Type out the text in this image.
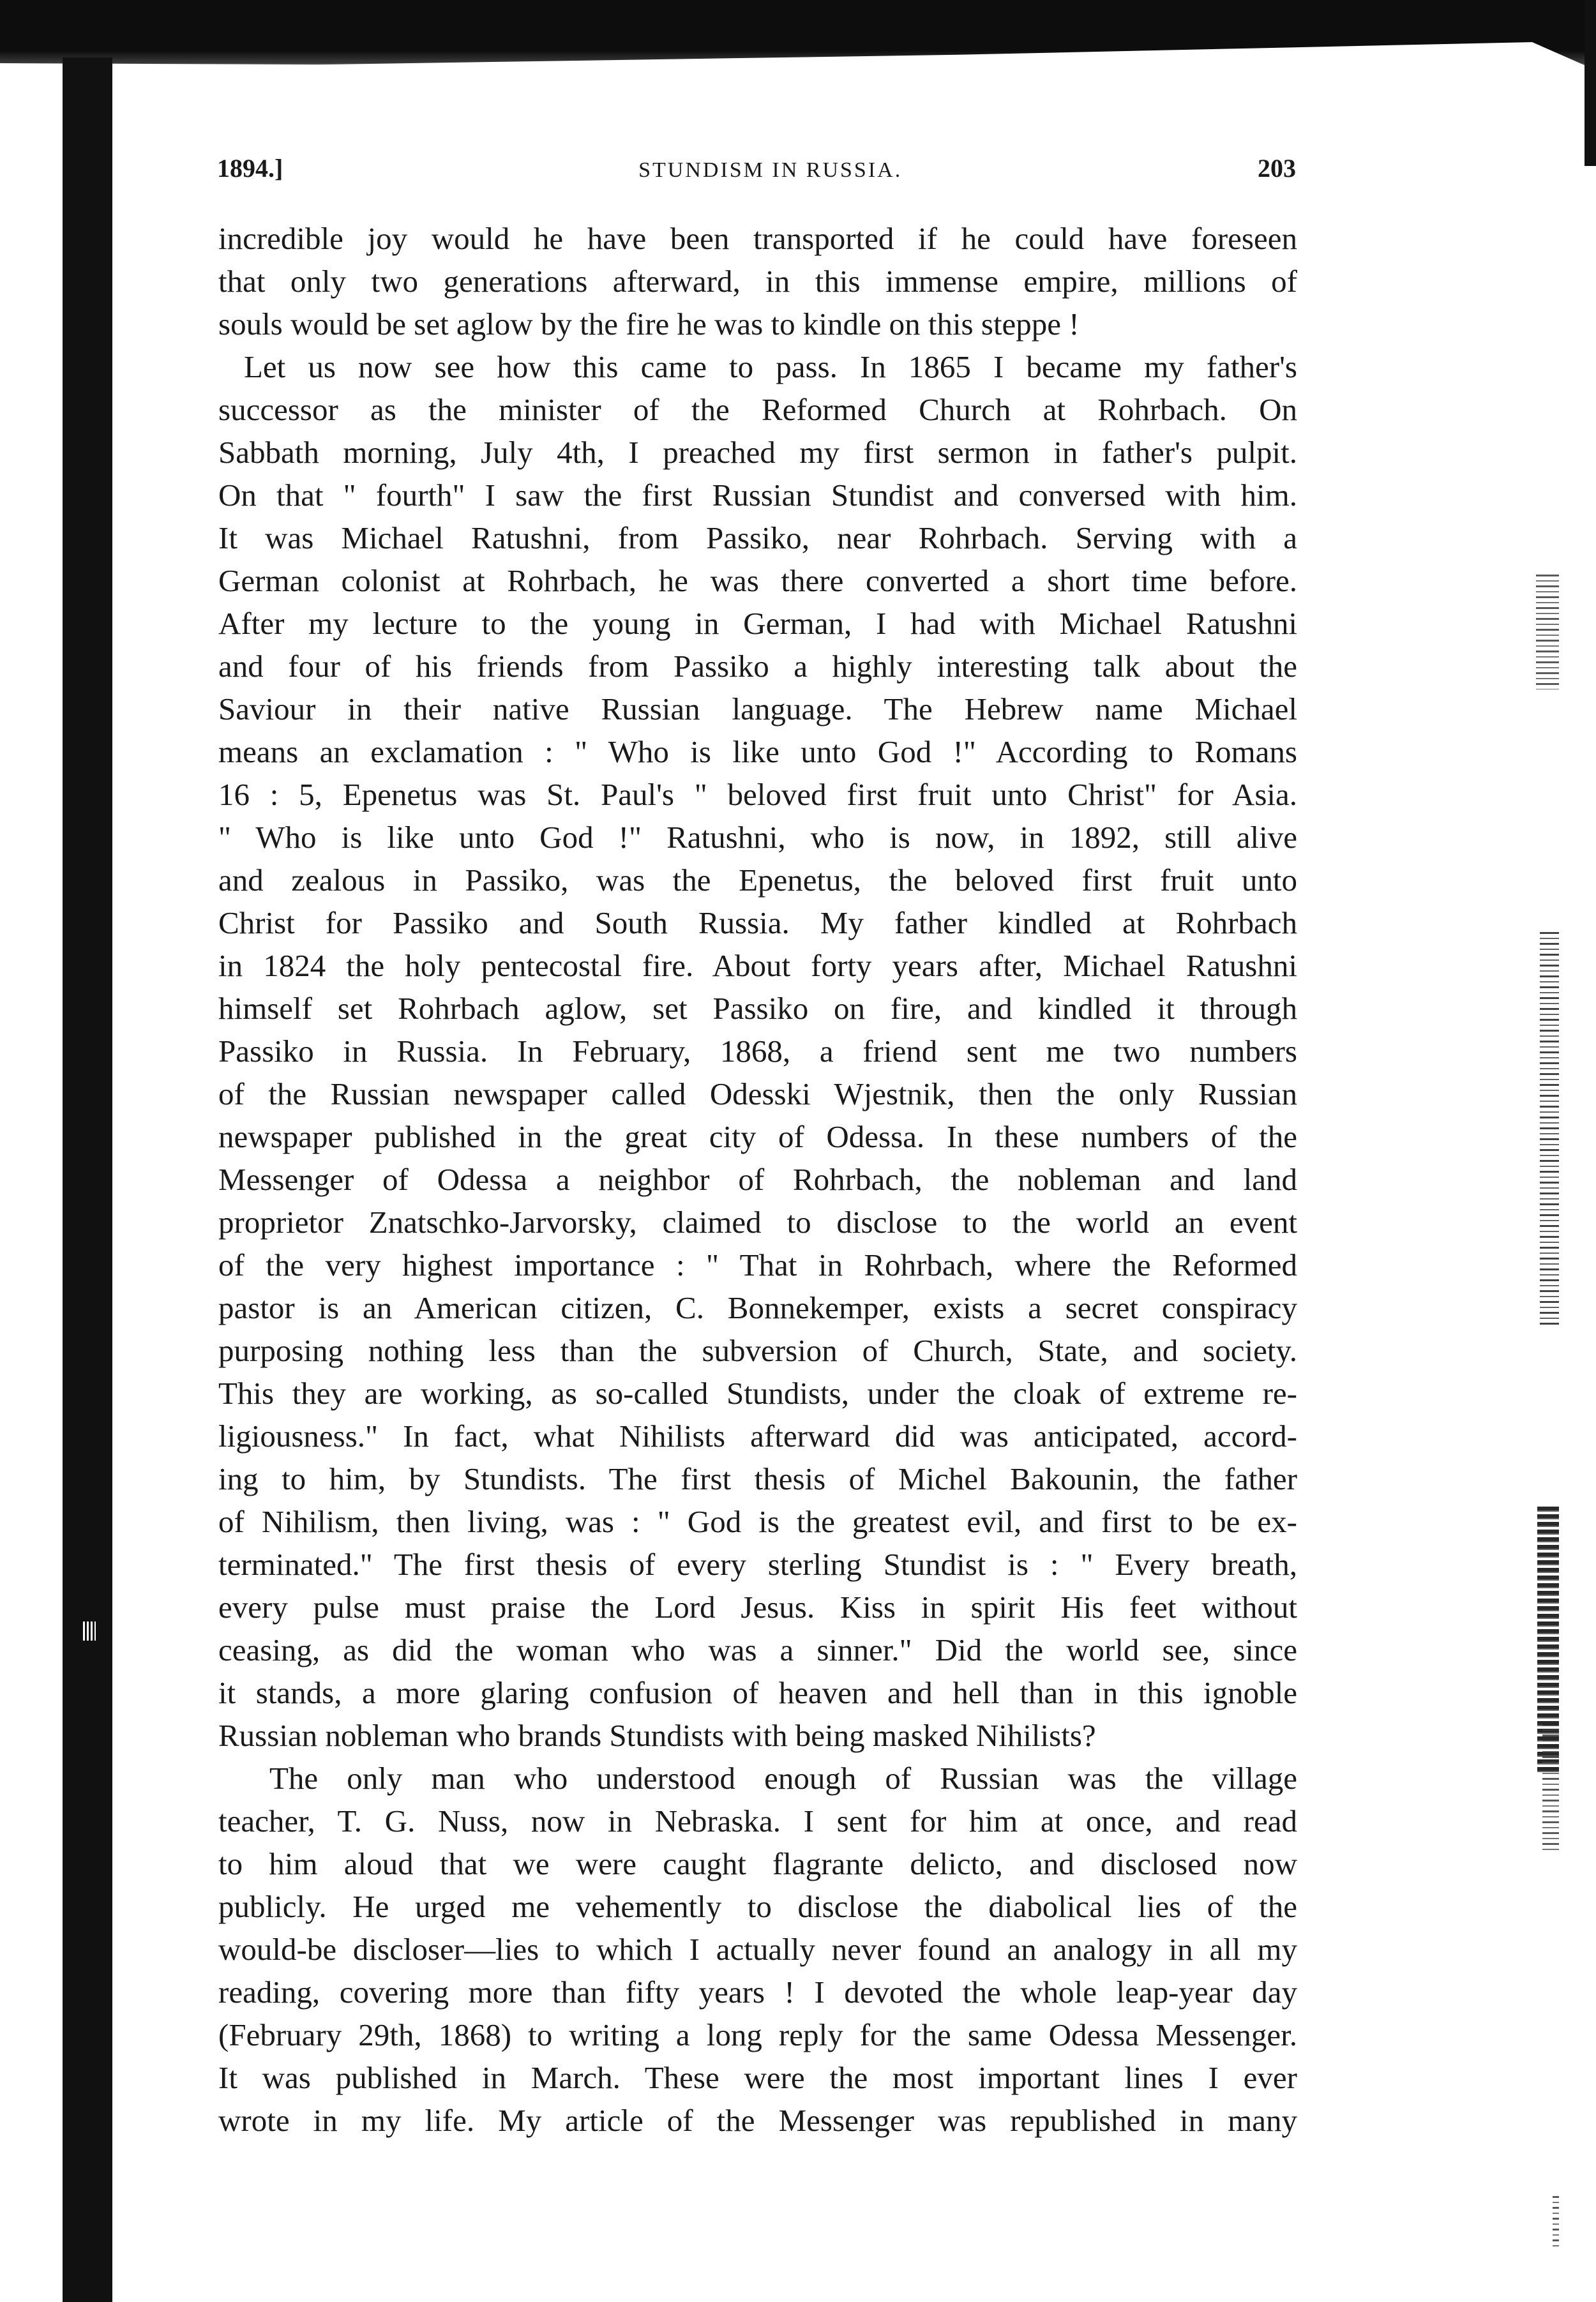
1894.]	STUNDISM IN RUSSIA.	203
incredible joy would he have been transported if he could have foreseen
that only two generations afterward, in this immense empire, millions of
souls would be set aglow by the fire he was to kindle on this steppe !
Let us now see how this came to pass. In 1865 I became my father's
successor as the minister of the Reformed Church at Rohrbach. On
Sabbath morning, July 4th, I preached my first sermon in father's pulpit.
On that " fourth" I saw the first Russian Stundist and conversed with him.
It was Michael Ratushni, from Passiko, near Rohrbach. Serving with a
German colonist at Rohrbach, he was there converted a short time before.
After my lecture to the young in German, I had with Michael Ratushni
and four of his friends from Passiko a highly interesting talk about the
Saviour in their native Russian language. The Hebrew name Michael
means an exclamation : " Who is like unto God !" According to Romans
16 : 5, Epenetus was St. Paul's " beloved first fruit unto Christ" for Asia.
" Who is like unto God !" Ratushni, who is now, in 1892, still alive
and zealous in Passiko, was the Epenetus, the beloved first fruit unto
Christ for Passiko and South Russia. My father kindled at Rohrbach
in 1824 the holy pentecostal fire. About forty years after, Michael Ratushni
himself set Rohrbach aglow, set Passiko on fire, and kindled it through
Passiko in Russia. In February, 1868, a friend sent me two numbers
of the Russian newspaper called Odesski Wjestnik, then the only Russian
newspaper published in the great city of Odessa. In these numbers of the
Messenger of Odessa a neighbor of Rohrbach, the nobleman and land
proprietor Znatschko-Jarvorsky, claimed to disclose to the world an event
of the very highest importance : " That in Rohrbach, where the Reformed
pastor is an American citizen, C. Bonnekemper, exists a secret conspiracy
purposing nothing less than the subversion of Church, State, and society.
This they are working, as so-called Stundists, under the cloak of extreme re-
ligiousness." In fact, what Nihilists afterward did was anticipated, accord-
ing to him, by Stundists. The first thesis of Michel Bakounin, the father
of Nihilism, then living, was : " God is the greatest evil, and first to be ex-
terminated." The first thesis of every sterling Stundist is : " Every breath,
every pulse must praise the Lord Jesus. Kiss in spirit His feet without
ceasing, as did the woman who was a sinner." Did the world see, since
it stands, a more glaring confusion of heaven and hell than in this ignoble
Russian nobleman who brands Stundists with being masked Nihilists?
The only man who understood enough of Russian was the village
teacher, T. G. Nuss, now in Nebraska. I sent for him at once, and read
to him aloud that we were caught flagrante delicto, and disclosed now
publicly. He urged me vehemently to disclose the diabolical lies of the
would-be discloser—lies to which I actually never found an analogy in all my
reading, covering more than fifty years ! I devoted the whole leap-year day
(February 29th, 1868) to writing a long reply for the same Odessa Messenger.
It was published in March. These were the most important lines I ever
wrote in my life. My article of the Messenger was republished in many
